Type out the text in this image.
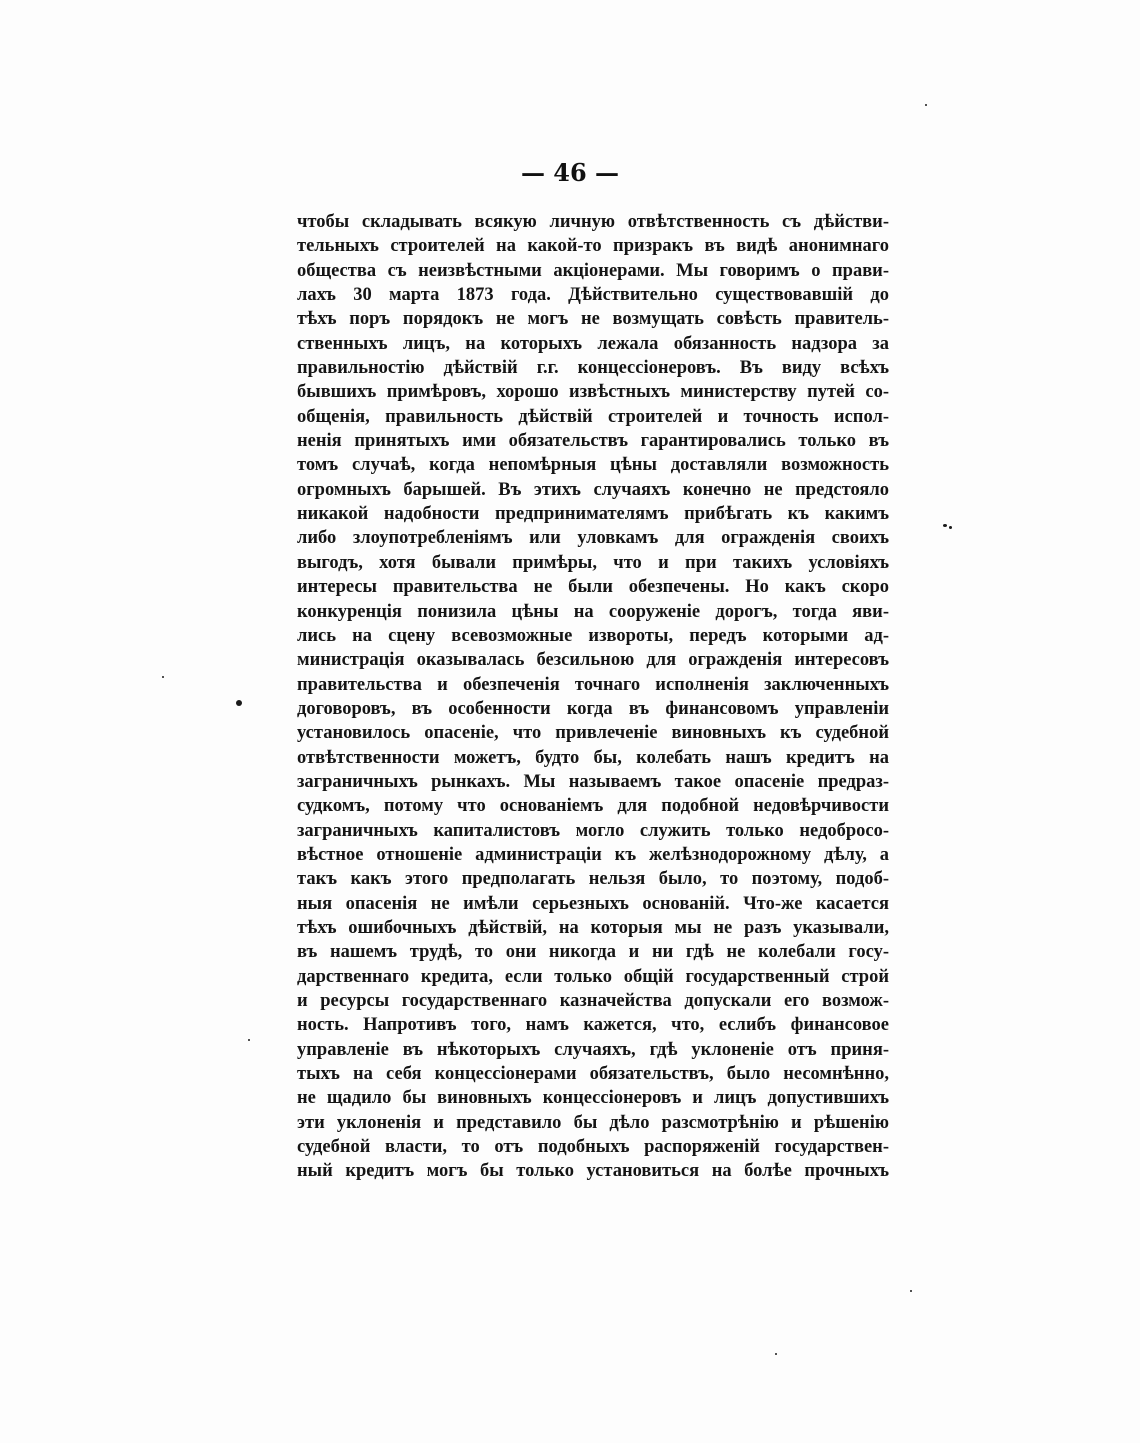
— 46 —
чтобы складывать всякую личную отвѣтственность съ дѣйстви-
тельныхъ строителей на какой-то призракъ въ видѣ анонимнаго
общества съ неизвѣстными акціонерами. Мы говоримъ о прави-
лахъ 30 марта 1873 года. Дѣйствительно существовавшій до
тѣхъ поръ порядокъ не могъ не возмущать совѣсть правитель-
ственныхъ лицъ, на которыхъ лежала обязанность надзора за
правильностію дѣйствій г.г. концессіонеровъ. Въ виду всѣхъ
бывшихъ примѣровъ, хорошо извѣстныхъ министерству путей со-
общенія, правильность дѣйствій строителей и точность испол-
ненія принятыхъ ими обязательствъ гарантировались только въ
томъ случаѣ, когда непомѣрныя цѣны доставляли возможность
огромныхъ барышей. Въ этихъ случаяхъ конечно не предстояло
никакой надобности предпринимателямъ прибѣгать къ какимъ
либо злоупотребленіямъ или уловкамъ для огражденія своихъ
выгодъ, хотя бывали примѣры, что и при такихъ условіяхъ
интересы правительства не были обезпечены. Но какъ скоро
конкуренція понизила цѣны на сооруженіе дорогъ, тогда яви-
лись на сцену всевозможные извороты, передъ которыми ад-
министрація оказывалась безсильною для огражденія интересовъ
правительства и обезпеченія точнаго исполненія заключенныхъ
договоровъ, въ особенности когда въ финансовомъ управленіи
установилось опасеніе, что привлеченіе виновныхъ къ судебной
отвѣтственности можетъ, будто бы, колебать нашъ кредитъ на
заграничныхъ рынкахъ. Мы называемъ такое опасеніе предраз-
судкомъ, потому что основаніемъ для подобной недовѣрчивости
заграничныхъ капиталистовъ могло служить только недобросо-
вѣстное отношеніе администраціи къ желѣзнодорожному дѣлу, а
такъ какъ этого предполагать нельзя было, то поэтому, подоб-
ныя опасенія не имѣли серьезныхъ основаній. Что-же касается
тѣхъ ошибочныхъ дѣйствій, на которыя мы не разъ указывали,
въ нашемъ трудѣ, то они никогда и ни гдѣ не колебали госу-
дарственнаго кредита, если только общій государственный строй
и ресурсы государственнаго казначейства допускали его возмож-
ность. Напротивъ того, намъ кажется, что, еслибъ финансовое
управленіе въ нѣкоторыхъ случаяхъ, гдѣ уклоненіе отъ приня-
тыхъ на себя концессіонерами обязательствъ, было несомнѣнно,
не щадило бы виновныхъ концессіонеровъ и лицъ допустившихъ
эти уклоненія и представило бы дѣло разсмотрѣнію и рѣшенію
судебной власти, то отъ подобныхъ распоряженій государствен-
ный кредитъ могъ бы только установиться на болѣе прочныхъ
